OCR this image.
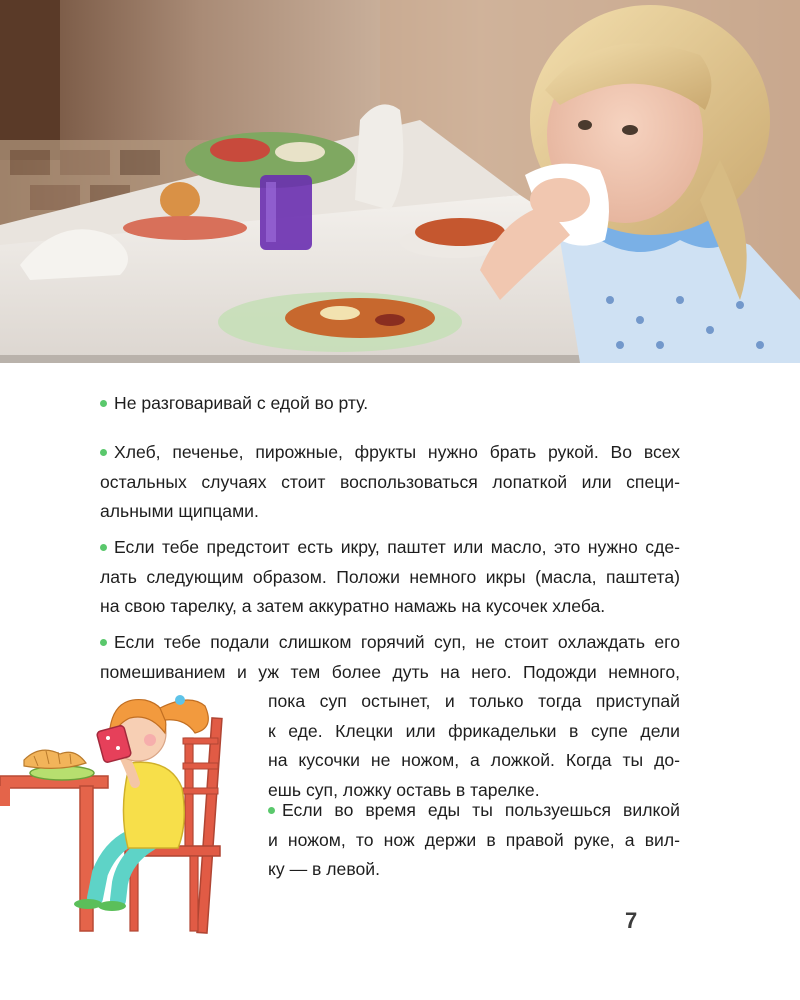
Не разговаривай с едой во рту.
Хлеб, печенье, пирожные, фрукты нужно брать рукой. Во всех
остальных случаях стоит воспользоваться лопаткой или специ-
альными щипцами.
Если тебе предстоит есть икру, паштет или масло, это нужно сде-
лать следующим образом. Положи немного икры (масла, паштета)
на свою тарелку, а затем аккуратно намажь на кусочек хлеба.
Если тебе подали слишком горячий суп, не стоит охлаждать его
помешиванием и уж тем более дуть на него. Подожди немного,
пока суп остынет, и только тогда приступай
к еде. Клецки или фрикадельки в супе дели
на кусочки не ножом, а ложкой. Когда ты до-
ешь суп, ложку оставь в тарелке.
Если во время еды ты пользуешься вилкой
и ножом, то нож держи в правой руке, а вил-
ку — в левой.
7
